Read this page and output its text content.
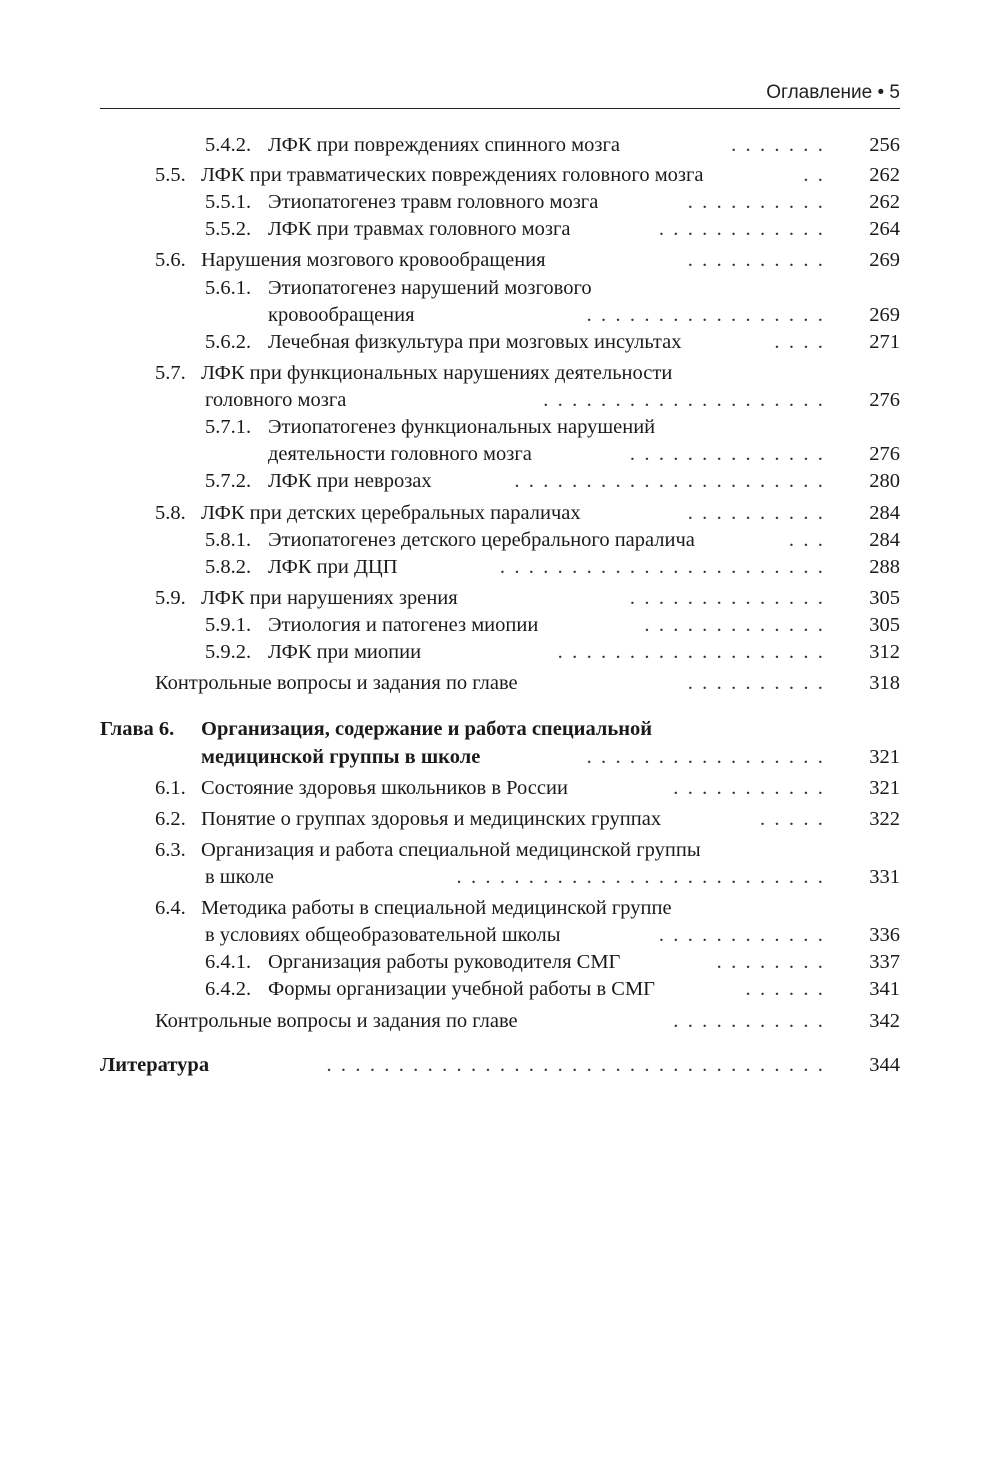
Оглавление • 5
5.4.2. ЛФК при повреждениях спинного мозга	. . . . . . . 256
5.5. ЛФК при травматических повреждениях головного мозга	. . 262
5.5.1. Этиопатогенез травм головного мозга	. . . . . . . . . . 262
5.5.2. ЛФК при травмах головного мозга	. . . . . . . . . . . . 264
5.6. Нарушения мозгового кровообращения	. . . . . . . . . . 269
5.6.1. Этиопатогенез нарушений мозгового
кровообращения	. . . . . . . . . . . . . . . . . 269
5.6.2. Лечебная физкультура при мозговых инсультах	. . . . 271
5.7. ЛФК при функциональных нарушениях деятельности
головного мозга	. . . . . . . . . . . . . . . . . . . . 276
5.7.1. Этиопатогенез функциональных нарушений
деятельности головного мозга	. . . . . . . . . . . . . . 276
5.7.2. ЛФК при неврозах	. . . . . . . . . . . . . . . . . . . . . . 280
5.8. ЛФК при детских церебральных параличах	. . . . . . . . . . 284
5.8.1. Этиопатогенез детского церебрального паралича	. . . 284
5.8.2. ЛФК при ДЦП	. . . . . . . . . . . . . . . . . . . . . . . 288
5.9. ЛФК при нарушениях зрения	. . . . . . . . . . . . . . 305
5.9.1. Этиология и патогенез миопии	. . . . . . . . . . . . . 305
5.9.2. ЛФК при миопии	. . . . . . . . . . . . . . . . . . . 312
Контрольные вопросы и задания по главе	. . . . . . . . . . 318
Глава 6. Организация, содержание и работа специальной
медицинской группы в школе	. . . . . . . . . . . . . . . . . 321
6.1. Состояние здоровья школьников в России	. . . . . . . . . . . 321
6.2. Понятие о группах здоровья и медицинских группах	. . . . . 322
6.3. Организация и работа специальной медицинской группы
в школе	. . . . . . . . . . . . . . . . . . . . . . . . . . 331
6.4. Методика работы в специальной медицинской группе
в условиях общеобразовательной школы	. . . . . . . . . . . . 336
6.4.1. Организация работы руководителя СМГ	. . . . . . . . 337
6.4.2. Формы организации учебной работы в СМГ	. . . . . . 341
Контрольные вопросы и задания по главе	. . . . . . . . . . . 342
Литература	. . . . . . . . . . . . . . . . . . . . . . . . . . . . . . . . . . . 344
